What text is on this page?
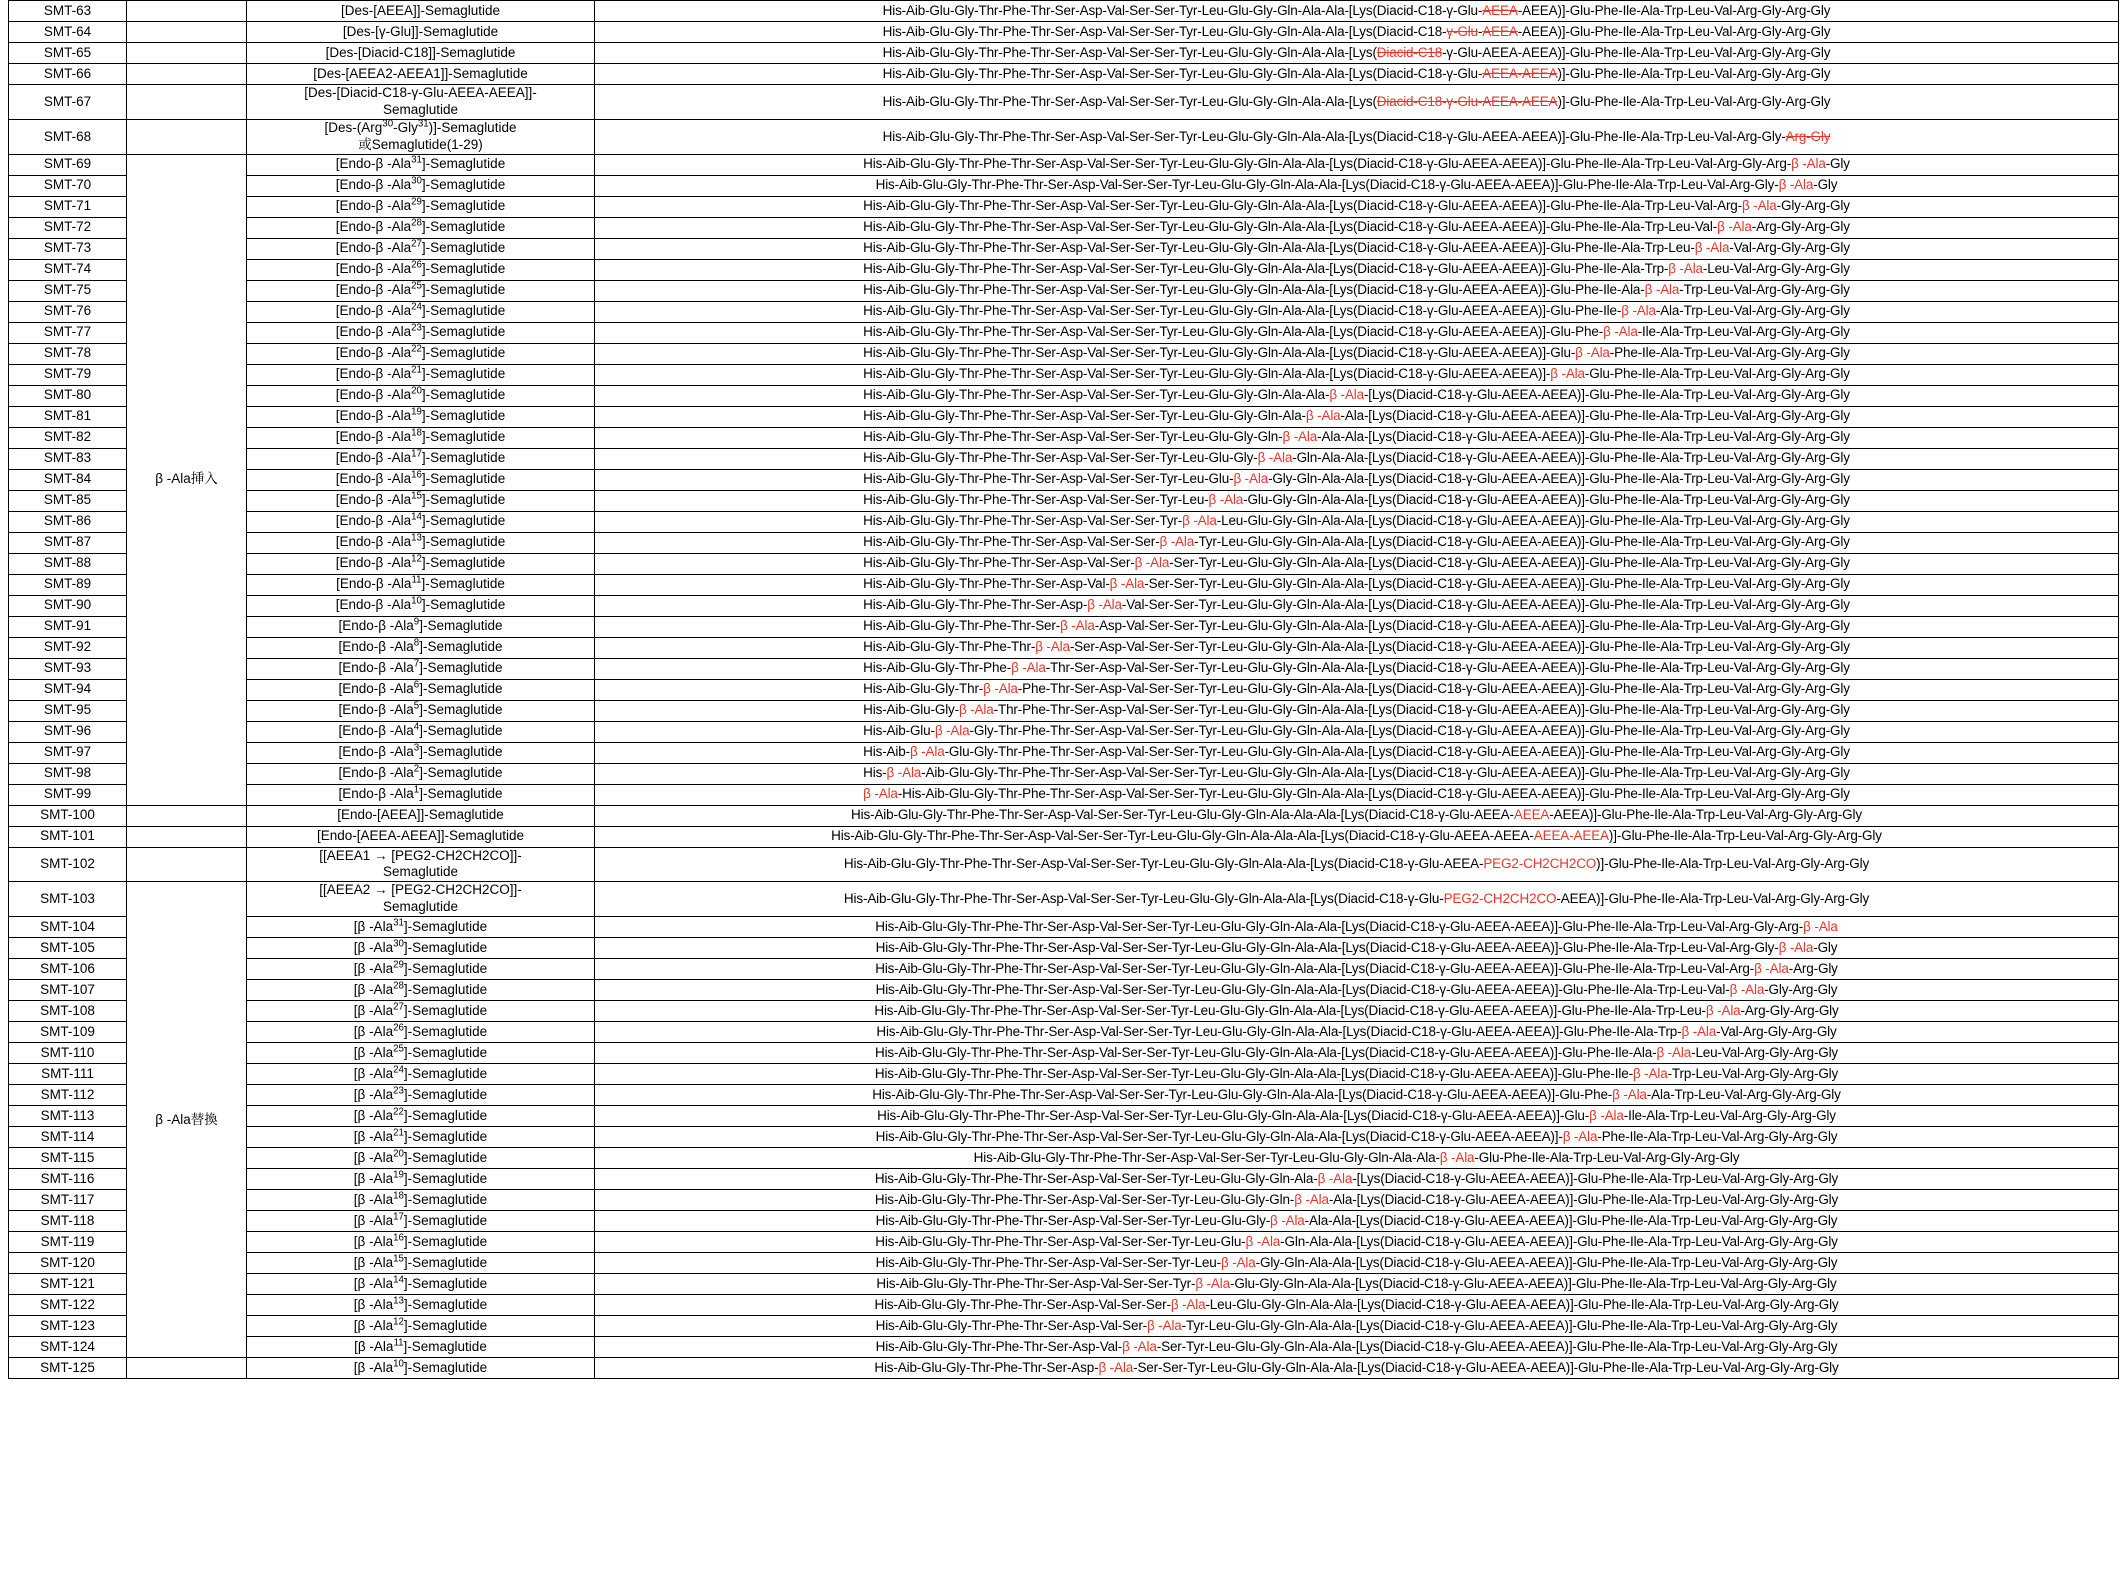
SMT-63		[Des-[AEEA]]-Semaglutide	His-Aib-Glu-Gly-Thr-Phe-Thr-Ser-Asp-Val-Ser-Ser-Tyr-Leu-Glu-Gly-Gln-Ala-Ala-[Lys(Diacid-C18-γ-Glu-AEEA-AEEA)]-Glu-Phe-Ile-Ala-Trp-Leu-Val-Arg-Gly-Arg-Gly
SMT-64		[Des-[γ-Glu]]-Semaglutide	His-Aib-Glu-Gly-Thr-Phe-Thr-Ser-Asp-Val-Ser-Ser-Tyr-Leu-Glu-Gly-Gln-Ala-Ala-[Lys(Diacid-C18-γ-Glu-AEEA-AEEA)]-Glu-Phe-Ile-Ala-Trp-Leu-Val-Arg-Gly-Arg-Gly
SMT-65		[Des-[Diacid-C18]]-Semaglutide	His-Aib-Glu-Gly-Thr-Phe-Thr-Ser-Asp-Val-Ser-Ser-Tyr-Leu-Glu-Gly-Gln-Ala-Ala-[Lys(Diacid-C18-γ-Glu-AEEA-AEEA)]-Glu-Phe-Ile-Ala-Trp-Leu-Val-Arg-Gly-Arg-Gly
SMT-66		[Des-[AEEA2-AEEA1]]-Semaglutide	His-Aib-Glu-Gly-Thr-Phe-Thr-Ser-Asp-Val-Ser-Ser-Tyr-Leu-Glu-Gly-Gln-Ala-Ala-[Lys(Diacid-C18-γ-Glu-AEEA-AEEA)]-Glu-Phe-Ile-Ala-Trp-Leu-Val-Arg-Gly-Arg-Gly
SMT-67		[Des-[Diacid-C18-γ-Glu-AEEA-AEEA]]-
Semaglutide	His-Aib-Glu-Gly-Thr-Phe-Thr-Ser-Asp-Val-Ser-Ser-Tyr-Leu-Glu-Gly-Gln-Ala-Ala-[Lys(Diacid-C18-γ-Glu-AEEA-AEEA)]-Glu-Phe-Ile-Ala-Trp-Leu-Val-Arg-Gly-Arg-Gly
SMT-68		[Des-(Arg$^{30}$-Gly$^{31}$)]-Semaglutide
或Semaglutide(1-29)	His-Aib-Glu-Gly-Thr-Phe-Thr-Ser-Asp-Val-Ser-Ser-Tyr-Leu-Glu-Gly-Gln-Ala-Ala-[Lys(Diacid-C18-γ-Glu-AEEA-AEEA)]-Glu-Phe-Ile-Ala-Trp-Leu-Val-Arg-Gly-Arg-Gly
SMT-69	β -Ala挿入	[Endo-β -Ala$^{31}$]-Semaglutide	His-Aib-Glu-Gly-Thr-Phe-Thr-Ser-Asp-Val-Ser-Ser-Tyr-Leu-Glu-Gly-Gln-Ala-Ala-[Lys(Diacid-C18-γ-Glu-AEEA-AEEA)]-Glu-Phe-Ile-Ala-Trp-Leu-Val-Arg-Gly-Arg-β -Ala-Gly
SMT-70		[Endo-β -Ala$^{30}$]-Semaglutide	His-Aib-Glu-Gly-Thr-Phe-Thr-Ser-Asp-Val-Ser-Ser-Tyr-Leu-Glu-Gly-Gln-Ala-Ala-[Lys(Diacid-C18-γ-Glu-AEEA-AEEA)]-Glu-Phe-Ile-Ala-Trp-Leu-Val-Arg-Gly-β -Ala-Gly
SMT-71		[Endo-β -Ala$^{29}$]-Semaglutide	His-Aib-Glu-Gly-Thr-Phe-Thr-Ser-Asp-Val-Ser-Ser-Tyr-Leu-Glu-Gly-Gln-Ala-Ala-[Lys(Diacid-C18-γ-Glu-AEEA-AEEA)]-Glu-Phe-Ile-Ala-Trp-Leu-Val-Arg-β -Ala-Gly-Arg-Gly
SMT-72		[Endo-β -Ala$^{28}$]-Semaglutide	His-Aib-Glu-Gly-Thr-Phe-Thr-Ser-Asp-Val-Ser-Ser-Tyr-Leu-Glu-Gly-Gln-Ala-Ala-[Lys(Diacid-C18-γ-Glu-AEEA-AEEA)]-Glu-Phe-Ile-Ala-Trp-Leu-Val-β -Ala-Arg-Gly-Arg-Gly
SMT-73		[Endo-β -Ala$^{27}$]-Semaglutide	His-Aib-Glu-Gly-Thr-Phe-Thr-Ser-Asp-Val-Ser-Ser-Tyr-Leu-Glu-Gly-Gln-Ala-Ala-[Lys(Diacid-C18-γ-Glu-AEEA-AEEA)]-Glu-Phe-Ile-Ala-Trp-Leu-β -Ala-Val-Arg-Gly-Arg-Gly
SMT-74		[Endo-β -Ala$^{26}$]-Semaglutide	His-Aib-Glu-Gly-Thr-Phe-Thr-Ser-Asp-Val-Ser-Ser-Tyr-Leu-Glu-Gly-Gln-Ala-Ala-[Lys(Diacid-C18-γ-Glu-AEEA-AEEA)]-Glu-Phe-Ile-Ala-Trp-β -Ala-Leu-Val-Arg-Gly-Arg-Gly
SMT-75		[Endo-β -Ala$^{25}$]-Semaglutide	His-Aib-Glu-Gly-Thr-Phe-Thr-Ser-Asp-Val-Ser-Ser-Tyr-Leu-Glu-Gly-Gln-Ala-Ala-[Lys(Diacid-C18-γ-Glu-AEEA-AEEA)]-Glu-Phe-Ile-Ala-β -Ala-Trp-Leu-Val-Arg-Gly-Arg-Gly
SMT-76		[Endo-β -Ala$^{24}$]-Semaglutide	His-Aib-Glu-Gly-Thr-Phe-Thr-Ser-Asp-Val-Ser-Ser-Tyr-Leu-Glu-Gly-Gln-Ala-Ala-[Lys(Diacid-C18-γ-Glu-AEEA-AEEA)]-Glu-Phe-Ile-β -Ala-Ala-Trp-Leu-Val-Arg-Gly-Arg-Gly
SMT-77		[Endo-β -Ala$^{23}$]-Semaglutide	His-Aib-Glu-Gly-Thr-Phe-Thr-Ser-Asp-Val-Ser-Ser-Tyr-Leu-Glu-Gly-Gln-Ala-Ala-[Lys(Diacid-C18-γ-Glu-AEEA-AEEA)]-Glu-Phe-β -Ala-Ile-Ala-Trp-Leu-Val-Arg-Gly-Arg-Gly
SMT-78		[Endo-β -Ala$^{22}$]-Semaglutide	His-Aib-Glu-Gly-Thr-Phe-Thr-Ser-Asp-Val-Ser-Ser-Tyr-Leu-Glu-Gly-Gln-Ala-Ala-[Lys(Diacid-C18-γ-Glu-AEEA-AEEA)]-Glu-β -Ala-Phe-Ile-Ala-Trp-Leu-Val-Arg-Gly-Arg-Gly
SMT-79		[Endo-β -Ala$^{21}$]-Semaglutide	His-Aib-Glu-Gly-Thr-Phe-Thr-Ser-Asp-Val-Ser-Ser-Tyr-Leu-Glu-Gly-Gln-Ala-Ala-[Lys(Diacid-C18-γ-Glu-AEEA-AEEA)]-β -Ala-Glu-Phe-Ile-Ala-Trp-Leu-Val-Arg-Gly-Arg-Gly
SMT-80		[Endo-β -Ala$^{20}$]-Semaglutide	His-Aib-Glu-Gly-Thr-Phe-Thr-Ser-Asp-Val-Ser-Ser-Tyr-Leu-Glu-Gly-Gln-Ala-Ala-β -Ala-[Lys(Diacid-C18-γ-Glu-AEEA-AEEA)]-Glu-Phe-Ile-Ala-Trp-Leu-Val-Arg-Gly-Arg-Gly
SMT-81		[Endo-β -Ala$^{19}$]-Semaglutide	His-Aib-Glu-Gly-Thr-Phe-Thr-Ser-Asp-Val-Ser-Ser-Tyr-Leu-Glu-Gly-Gln-Ala-β -Ala-Ala-[Lys(Diacid-C18-γ-Glu-AEEA-AEEA)]-Glu-Phe-Ile-Ala-Trp-Leu-Val-Arg-Gly-Arg-Gly
SMT-82		[Endo-β -Ala$^{18}$]-Semaglutide	His-Aib-Glu-Gly-Thr-Phe-Thr-Ser-Asp-Val-Ser-Ser-Tyr-Leu-Glu-Gly-Gln-β -Ala-Ala-Ala-[Lys(Diacid-C18-γ-Glu-AEEA-AEEA)]-Glu-Phe-Ile-Ala-Trp-Leu-Val-Arg-Gly-Arg-Gly
SMT-83		[Endo-β -Ala$^{17}$]-Semaglutide	His-Aib-Glu-Gly-Thr-Phe-Thr-Ser-Asp-Val-Ser-Ser-Tyr-Leu-Glu-Gly-β -Ala-Gln-Ala-Ala-[Lys(Diacid-C18-γ-Glu-AEEA-AEEA)]-Glu-Phe-Ile-Ala-Trp-Leu-Val-Arg-Gly-Arg-Gly
SMT-84		[Endo-β -Ala$^{16}$]-Semaglutide	His-Aib-Glu-Gly-Thr-Phe-Thr-Ser-Asp-Val-Ser-Ser-Tyr-Leu-Glu-β -Ala-Gly-Gln-Ala-Ala-[Lys(Diacid-C18-γ-Glu-AEEA-AEEA)]-Glu-Phe-Ile-Ala-Trp-Leu-Val-Arg-Gly-Arg-Gly
SMT-85		[Endo-β -Ala$^{15}$]-Semaglutide	His-Aib-Glu-Gly-Thr-Phe-Thr-Ser-Asp-Val-Ser-Ser-Tyr-Leu-β -Ala-Glu-Gly-Gln-Ala-Ala-[Lys(Diacid-C18-γ-Glu-AEEA-AEEA)]-Glu-Phe-Ile-Ala-Trp-Leu-Val-Arg-Gly-Arg-Gly
SMT-86		[Endo-β -Ala$^{14}$]-Semaglutide	His-Aib-Glu-Gly-Thr-Phe-Thr-Ser-Asp-Val-Ser-Ser-Tyr-β -Ala-Leu-Glu-Gly-Gln-Ala-Ala-[Lys(Diacid-C18-γ-Glu-AEEA-AEEA)]-Glu-Phe-Ile-Ala-Trp-Leu-Val-Arg-Gly-Arg-Gly
SMT-87		[Endo-β -Ala$^{13}$]-Semaglutide	His-Aib-Glu-Gly-Thr-Phe-Thr-Ser-Asp-Val-Ser-Ser-β -Ala-Tyr-Leu-Glu-Gly-Gln-Ala-Ala-[Lys(Diacid-C18-γ-Glu-AEEA-AEEA)]-Glu-Phe-Ile-Ala-Trp-Leu-Val-Arg-Gly-Arg-Gly
SMT-88		[Endo-β -Ala$^{12}$]-Semaglutide	His-Aib-Glu-Gly-Thr-Phe-Thr-Ser-Asp-Val-Ser-β -Ala-Ser-Tyr-Leu-Glu-Gly-Gln-Ala-Ala-[Lys(Diacid-C18-γ-Glu-AEEA-AEEA)]-Glu-Phe-Ile-Ala-Trp-Leu-Val-Arg-Gly-Arg-Gly
SMT-89		[Endo-β -Ala$^{11}$]-Semaglutide	His-Aib-Glu-Gly-Thr-Phe-Thr-Ser-Asp-Val-β -Ala-Ser-Ser-Tyr-Leu-Glu-Gly-Gln-Ala-Ala-[Lys(Diacid-C18-γ-Glu-AEEA-AEEA)]-Glu-Phe-Ile-Ala-Trp-Leu-Val-Arg-Gly-Arg-Gly
SMT-90		[Endo-β -Ala$^{10}$]-Semaglutide	His-Aib-Glu-Gly-Thr-Phe-Thr-Ser-Asp-β -Ala-Val-Ser-Ser-Tyr-Leu-Glu-Gly-Gln-Ala-Ala-[Lys(Diacid-C18-γ-Glu-AEEA-AEEA)]-Glu-Phe-Ile-Ala-Trp-Leu-Val-Arg-Gly-Arg-Gly
SMT-91		[Endo-β -Ala$^9$]-Semaglutide	His-Aib-Glu-Gly-Thr-Phe-Thr-Ser-β -Ala-Asp-Val-Ser-Ser-Tyr-Leu-Glu-Gly-Gln-Ala-Ala-[Lys(Diacid-C18-γ-Glu-AEEA-AEEA)]-Glu-Phe-Ile-Ala-Trp-Leu-Val-Arg-Gly-Arg-Gly
SMT-92		[Endo-β -Ala$^8$]-Semaglutide	His-Aib-Glu-Gly-Thr-Phe-Thr-β -Ala-Ser-Asp-Val-Ser-Ser-Tyr-Leu-Glu-Gly-Gln-Ala-Ala-[Lys(Diacid-C18-γ-Glu-AEEA-AEEA)]-Glu-Phe-Ile-Ala-Trp-Leu-Val-Arg-Gly-Arg-Gly
SMT-93		[Endo-β -Ala$^7$]-Semaglutide	His-Aib-Glu-Gly-Thr-Phe-β -Ala-Thr-Ser-Asp-Val-Ser-Ser-Tyr-Leu-Glu-Gly-Gln-Ala-Ala-[Lys(Diacid-C18-γ-Glu-AEEA-AEEA)]-Glu-Phe-Ile-Ala-Trp-Leu-Val-Arg-Gly-Arg-Gly
SMT-94		[Endo-β -Ala$^6$]-Semaglutide	His-Aib-Glu-Gly-Thr-β -Ala-Phe-Thr-Ser-Asp-Val-Ser-Ser-Tyr-Leu-Glu-Gly-Gln-Ala-Ala-[Lys(Diacid-C18-γ-Glu-AEEA-AEEA)]-Glu-Phe-Ile-Ala-Trp-Leu-Val-Arg-Gly-Arg-Gly
SMT-95		[Endo-β -Ala$^5$]-Semaglutide	His-Aib-Glu-Gly-β -Ala-Thr-Phe-Thr-Ser-Asp-Val-Ser-Ser-Tyr-Leu-Glu-Gly-Gln-Ala-Ala-[Lys(Diacid-C18-γ-Glu-AEEA-AEEA)]-Glu-Phe-Ile-Ala-Trp-Leu-Val-Arg-Gly-Arg-Gly
SMT-96		[Endo-β -Ala$^4$]-Semaglutide	His-Aib-Glu-β -Ala-Gly-Thr-Phe-Thr-Ser-Asp-Val-Ser-Ser-Tyr-Leu-Glu-Gly-Gln-Ala-Ala-[Lys(Diacid-C18-γ-Glu-AEEA-AEEA)]-Glu-Phe-Ile-Ala-Trp-Leu-Val-Arg-Gly-Arg-Gly
SMT-97		[Endo-β -Ala$^3$]-Semaglutide	His-Aib-β -Ala-Glu-Gly-Thr-Phe-Thr-Ser-Asp-Val-Ser-Ser-Tyr-Leu-Glu-Gly-Gln-Ala-Ala-[Lys(Diacid-C18-γ-Glu-AEEA-AEEA)]-Glu-Phe-Ile-Ala-Trp-Leu-Val-Arg-Gly-Arg-Gly
SMT-98		[Endo-β -Ala$^2$]-Semaglutide	His-β -Ala-Aib-Glu-Gly-Thr-Phe-Thr-Ser-Asp-Val-Ser-Ser-Tyr-Leu-Glu-Gly-Gln-Ala-Ala-[Lys(Diacid-C18-γ-Glu-AEEA-AEEA)]-Glu-Phe-Ile-Ala-Trp-Leu-Val-Arg-Gly-Arg-Gly
SMT-99		[Endo-β -Ala$^1$]-Semaglutide	β -Ala-His-Aib-Glu-Gly-Thr-Phe-Thr-Ser-Asp-Val-Ser-Ser-Tyr-Leu-Glu-Gly-Gln-Ala-Ala-[Lys(Diacid-C18-γ-Glu-AEEA-AEEA)]-Glu-Phe-Ile-Ala-Trp-Leu-Val-Arg-Gly-Arg-Gly
SMT-100		[Endo-[AEEA]]-Semaglutide	His-Aib-Glu-Gly-Thr-Phe-Thr-Ser-Asp-Val-Ser-Ser-Tyr-Leu-Glu-Gly-Gln-Ala-Ala-Ala-[Lys(Diacid-C18-γ-Glu-AEEA-AEEA-AEEA)]-Glu-Phe-Ile-Ala-Trp-Leu-Val-Arg-Gly-Arg-Gly
SMT-101		[Endo-[AEEA-AEEA]]-Semaglutide	His-Aib-Glu-Gly-Thr-Phe-Thr-Ser-Asp-Val-Ser-Ser-Tyr-Leu-Glu-Gly-Gln-Ala-Ala-Ala-[Lys(Diacid-C18-γ-Glu-AEEA-AEEA-AEEA-AEEA)]-Glu-Phe-Ile-Ala-Trp-Leu-Val-Arg-Gly-Arg-Gly
SMT-102		[[AEEA1 → [PEG2-CH2CH2CO]]-
Semaglutide	His-Aib-Glu-Gly-Thr-Phe-Thr-Ser-Asp-Val-Ser-Ser-Tyr-Leu-Glu-Gly-Gln-Ala-Ala-[Lys(Diacid-C18-γ-Glu-AEEA-PEG2-CH2CH2CO)]-Glu-Phe-Ile-Ala-Trp-Leu-Val-Arg-Gly-Arg-Gly
SMT-103	β -Ala替換	[[AEEA2 → [PEG2-CH2CH2CO]]-
Semaglutide	His-Aib-Glu-Gly-Thr-Phe-Thr-Ser-Asp-Val-Ser-Ser-Tyr-Leu-Glu-Gly-Gln-Ala-Ala-[Lys(Diacid-C18-γ-Glu-PEG2-CH2CH2CO-AEEA)]-Glu-Phe-Ile-Ala-Trp-Leu-Val-Arg-Gly-Arg-Gly
SMT-104		[β -Ala$^{31}$]-Semaglutide	His-Aib-Glu-Gly-Thr-Phe-Thr-Ser-Asp-Val-Ser-Ser-Tyr-Leu-Glu-Gly-Gln-Ala-Ala-[Lys(Diacid-C18-γ-Glu-AEEA-AEEA)]-Glu-Phe-Ile-Ala-Trp-Leu-Val-Arg-Gly-Arg-β -Ala
SMT-105		[β -Ala$^{30}$]-Semaglutide	His-Aib-Glu-Gly-Thr-Phe-Thr-Ser-Asp-Val-Ser-Ser-Tyr-Leu-Glu-Gly-Gln-Ala-Ala-[Lys(Diacid-C18-γ-Glu-AEEA-AEEA)]-Glu-Phe-Ile-Ala-Trp-Leu-Val-Arg-Gly-β -Ala-Gly
SMT-106		[β -Ala$^{29}$]-Semaglutide	His-Aib-Glu-Gly-Thr-Phe-Thr-Ser-Asp-Val-Ser-Ser-Tyr-Leu-Glu-Gly-Gln-Ala-Ala-[Lys(Diacid-C18-γ-Glu-AEEA-AEEA)]-Glu-Phe-Ile-Ala-Trp-Leu-Val-Arg-β -Ala-Arg-Gly
SMT-107		[β -Ala$^{28}$]-Semaglutide	His-Aib-Glu-Gly-Thr-Phe-Thr-Ser-Asp-Val-Ser-Ser-Tyr-Leu-Glu-Gly-Gln-Ala-Ala-[Lys(Diacid-C18-γ-Glu-AEEA-AEEA)]-Glu-Phe-Ile-Ala-Trp-Leu-Val-β -Ala-Gly-Arg-Gly
SMT-108		[β -Ala$^{27}$]-Semaglutide	His-Aib-Glu-Gly-Thr-Phe-Thr-Ser-Asp-Val-Ser-Ser-Tyr-Leu-Glu-Gly-Gln-Ala-Ala-[Lys(Diacid-C18-γ-Glu-AEEA-AEEA)]-Glu-Phe-Ile-Ala-Trp-Leu-β -Ala-Arg-Gly-Arg-Gly
SMT-109		[β -Ala$^{26}$]-Semaglutide	His-Aib-Glu-Gly-Thr-Phe-Thr-Ser-Asp-Val-Ser-Ser-Tyr-Leu-Glu-Gly-Gln-Ala-Ala-[Lys(Diacid-C18-γ-Glu-AEEA-AEEA)]-Glu-Phe-Ile-Ala-Trp-β -Ala-Val-Arg-Gly-Arg-Gly
SMT-110		[β -Ala$^{25}$]-Semaglutide	His-Aib-Glu-Gly-Thr-Phe-Thr-Ser-Asp-Val-Ser-Ser-Tyr-Leu-Glu-Gly-Gln-Ala-Ala-[Lys(Diacid-C18-γ-Glu-AEEA-AEEA)]-Glu-Phe-Ile-Ala-β -Ala-Leu-Val-Arg-Gly-Arg-Gly
SMT-111		[β -Ala$^{24}$]-Semaglutide	His-Aib-Glu-Gly-Thr-Phe-Thr-Ser-Asp-Val-Ser-Ser-Tyr-Leu-Glu-Gly-Gln-Ala-Ala-[Lys(Diacid-C18-γ-Glu-AEEA-AEEA)]-Glu-Phe-Ile-β -Ala-Trp-Leu-Val-Arg-Gly-Arg-Gly
SMT-112		[β -Ala$^{23}$]-Semaglutide	His-Aib-Glu-Gly-Thr-Phe-Thr-Ser-Asp-Val-Ser-Ser-Tyr-Leu-Glu-Gly-Gln-Ala-Ala-[Lys(Diacid-C18-γ-Glu-AEEA-AEEA)]-Glu-Phe-β -Ala-Ala-Trp-Leu-Val-Arg-Gly-Arg-Gly
SMT-113		[β -Ala$^{22}$]-Semaglutide	His-Aib-Glu-Gly-Thr-Phe-Thr-Ser-Asp-Val-Ser-Ser-Tyr-Leu-Glu-Gly-Gln-Ala-Ala-[Lys(Diacid-C18-γ-Glu-AEEA-AEEA)]-Glu-β -Ala-Ile-Ala-Trp-Leu-Val-Arg-Gly-Arg-Gly
SMT-114		[β -Ala$^{21}$]-Semaglutide	His-Aib-Glu-Gly-Thr-Phe-Thr-Ser-Asp-Val-Ser-Ser-Tyr-Leu-Glu-Gly-Gln-Ala-Ala-[Lys(Diacid-C18-γ-Glu-AEEA-AEEA)]-β -Ala-Phe-Ile-Ala-Trp-Leu-Val-Arg-Gly-Arg-Gly
SMT-115		[β -Ala$^{20}$]-Semaglutide	His-Aib-Glu-Gly-Thr-Phe-Thr-Ser-Asp-Val-Ser-Ser-Tyr-Leu-Glu-Gly-Gln-Ala-Ala-β -Ala-Glu-Phe-Ile-Ala-Trp-Leu-Val-Arg-Gly-Arg-Gly
SMT-116		[β -Ala$^{19}$]-Semaglutide	His-Aib-Glu-Gly-Thr-Phe-Thr-Ser-Asp-Val-Ser-Ser-Tyr-Leu-Glu-Gly-Gln-Ala-β -Ala-[Lys(Diacid-C18-γ-Glu-AEEA-AEEA)]-Glu-Phe-Ile-Ala-Trp-Leu-Val-Arg-Gly-Arg-Gly
SMT-117		[β -Ala$^{18}$]-Semaglutide	His-Aib-Glu-Gly-Thr-Phe-Thr-Ser-Asp-Val-Ser-Ser-Tyr-Leu-Glu-Gly-Gln-β -Ala-Ala-[Lys(Diacid-C18-γ-Glu-AEEA-AEEA)]-Glu-Phe-Ile-Ala-Trp-Leu-Val-Arg-Gly-Arg-Gly
SMT-118		[β -Ala$^{17}$]-Semaglutide	His-Aib-Glu-Gly-Thr-Phe-Thr-Ser-Asp-Val-Ser-Ser-Tyr-Leu-Glu-Gly-β -Ala-Ala-Ala-[Lys(Diacid-C18-γ-Glu-AEEA-AEEA)]-Glu-Phe-Ile-Ala-Trp-Leu-Val-Arg-Gly-Arg-Gly
SMT-119		[β -Ala$^{16}$]-Semaglutide	His-Aib-Glu-Gly-Thr-Phe-Thr-Ser-Asp-Val-Ser-Ser-Tyr-Leu-Glu-β -Ala-Gln-Ala-Ala-[Lys(Diacid-C18-γ-Glu-AEEA-AEEA)]-Glu-Phe-Ile-Ala-Trp-Leu-Val-Arg-Gly-Arg-Gly
SMT-120		[β -Ala$^{15}$]-Semaglutide	His-Aib-Glu-Gly-Thr-Phe-Thr-Ser-Asp-Val-Ser-Ser-Tyr-Leu-β -Ala-Gly-Gln-Ala-Ala-[Lys(Diacid-C18-γ-Glu-AEEA-AEEA)]-Glu-Phe-Ile-Ala-Trp-Leu-Val-Arg-Gly-Arg-Gly
SMT-121		[β -Ala$^{14}$]-Semaglutide	His-Aib-Glu-Gly-Thr-Phe-Thr-Ser-Asp-Val-Ser-Ser-Tyr-β -Ala-Glu-Gly-Gln-Ala-Ala-[Lys(Diacid-C18-γ-Glu-AEEA-AEEA)]-Glu-Phe-Ile-Ala-Trp-Leu-Val-Arg-Gly-Arg-Gly
SMT-122		[β -Ala$^{13}$]-Semaglutide	His-Aib-Glu-Gly-Thr-Phe-Thr-Ser-Asp-Val-Ser-Ser-β -Ala-Leu-Glu-Gly-Gln-Ala-Ala-[Lys(Diacid-C18-γ-Glu-AEEA-AEEA)]-Glu-Phe-Ile-Ala-Trp-Leu-Val-Arg-Gly-Arg-Gly
SMT-123		[β -Ala$^{12}$]-Semaglutide	His-Aib-Glu-Gly-Thr-Phe-Thr-Ser-Asp-Val-Ser-β -Ala-Tyr-Leu-Glu-Gly-Gln-Ala-Ala-[Lys(Diacid-C18-γ-Glu-AEEA-AEEA)]-Glu-Phe-Ile-Ala-Trp-Leu-Val-Arg-Gly-Arg-Gly
SMT-124		[β -Ala$^{11}$]-Semaglutide	His-Aib-Glu-Gly-Thr-Phe-Thr-Ser-Asp-Val-β -Ala-Ser-Tyr-Leu-Glu-Gly-Gln-Ala-Ala-[Lys(Diacid-C18-γ-Glu-AEEA-AEEA)]-Glu-Phe-Ile-Ala-Trp-Leu-Val-Arg-Gly-Arg-Gly
SMT-125		[β -Ala$^{10}$]-Semaglutide	His-Aib-Glu-Gly-Thr-Phe-Thr-Ser-Asp-β -Ala-Ser-Ser-Tyr-Leu-Glu-Gly-Gln-Ala-Ala-[Lys(Diacid-C18-γ-Glu-AEEA-AEEA)]-Glu-Phe-Ile-Ala-Trp-Leu-Val-Arg-Gly-Arg-Gly
